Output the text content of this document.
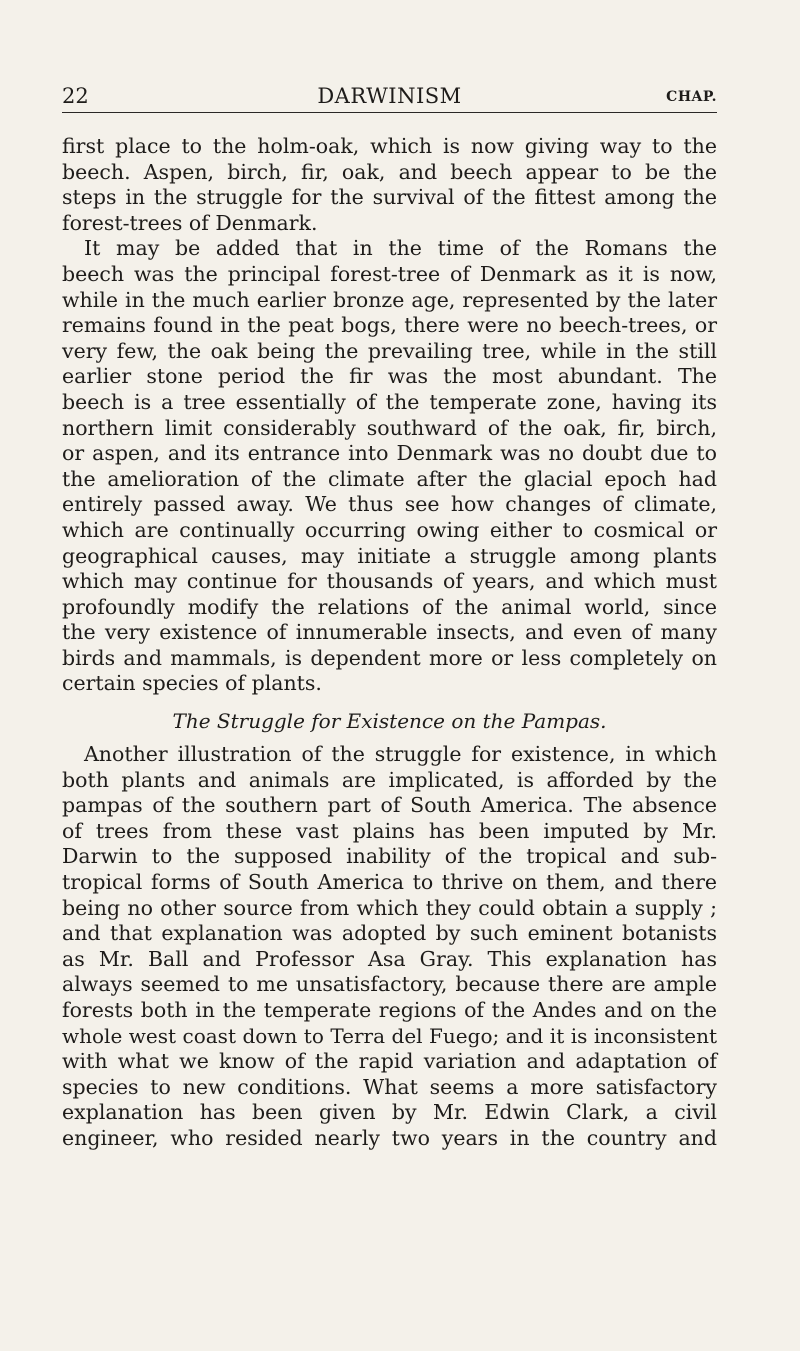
22	DARWINISM	CHAP.

first place to the holm-oak, which is now giving way to the
beech. Aspen, birch, fir, oak, and beech appear to be the
steps in the struggle for the survival of the fittest among the
forest-trees of Denmark.

It may be added that in the time of the Romans the
beech was the principal forest-tree of Denmark as it is now,
while in the much earlier bronze age, represented by the later
remains found in the peat bogs, there were no beech-trees, or
very few, the oak being the prevailing tree, while in the still
earlier stone period the fir was the most abundant. The
beech is a tree essentially of the temperate zone, having its
northern limit considerably southward of the oak, fir, birch,
or aspen, and its entrance into Denmark was no doubt due to
the amelioration of the climate after the glacial epoch had
entirely passed away. We thus see how changes of climate,
which are continually occurring owing either to cosmical or
geographical causes, may initiate a struggle among plants
which may continue for thousands of years, and which must
profoundly modify the relations of the animal world, since
the very existence of innumerable insects, and even of many
birds and mammals, is dependent more or less completely on
certain species of plants.

The Struggle for Existence on the Pampas.

Another illustration of the struggle for existence, in which
both plants and animals are implicated, is afforded by the
pampas of the southern part of South America. The absence
of trees from these vast plains has been imputed by Mr.
Darwin to the supposed inability of the tropical and sub-
tropical forms of South America to thrive on them, and there
being no other source from which they could obtain a supply ;
and that explanation was adopted by such eminent botanists
as Mr. Ball and Professor Asa Gray. This explanation has
always seemed to me unsatisfactory, because there are ample
forests both in the temperate regions of the Andes and on the
whole west coast down to Terra del Fuego; and it is inconsistent
with what we know of the rapid variation and adaptation of
species to new conditions. What seems a more satisfactory
explanation has been given by Mr. Edwin Clark, a civil
engineer, who resided nearly two years in the country and
